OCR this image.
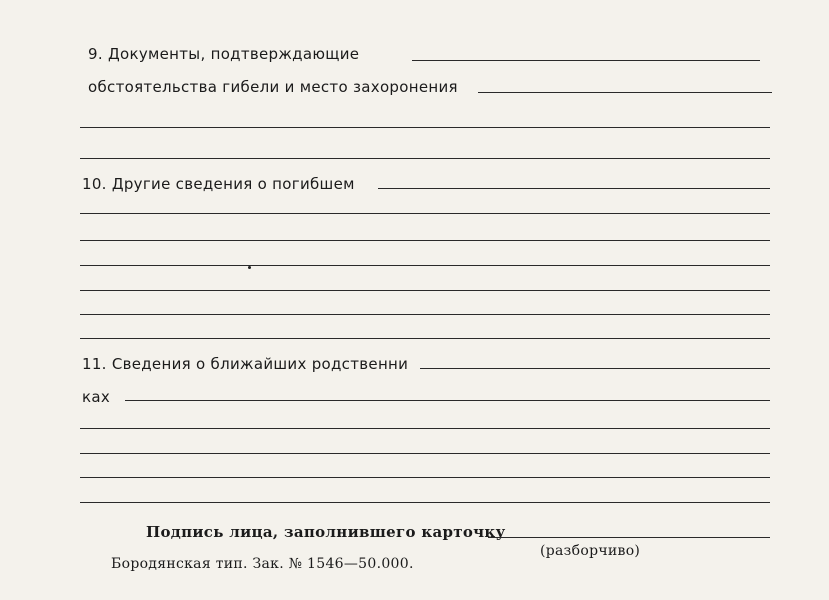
9. Документы, подтверждающие
обстоятельства гибели и место захоронения
10. Другие сведения о погибшем
11. Сведения о ближайших родственни
ках
Подпись лица, заполнившего карточку
(разборчиво)
Бородянская тип. Зак. № 1546—50.000.
